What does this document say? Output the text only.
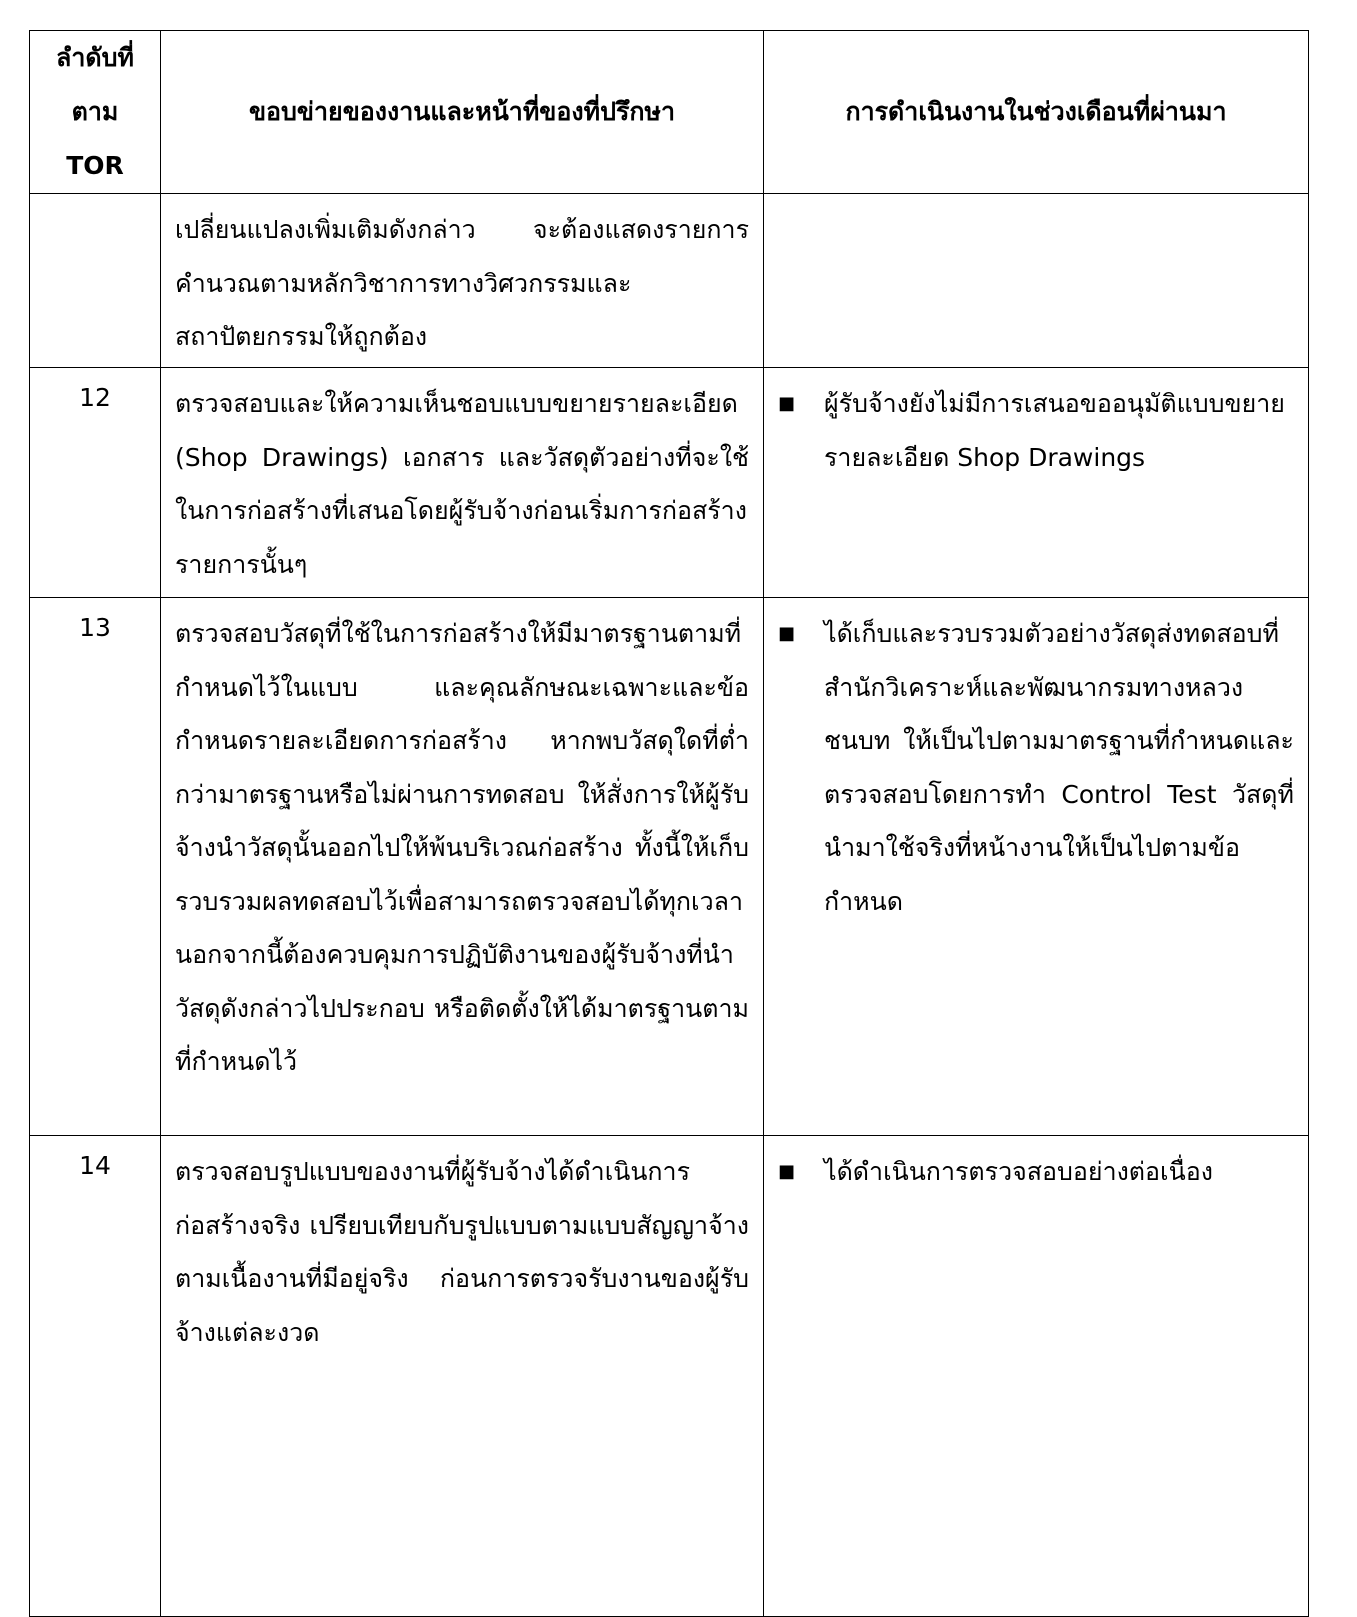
ลำดับที่
ตาม
TOR	ขอบข่ายของงานและหน้าที่ของที่ปรึกษา	การดำเนินงานในช่วงเดือนที่ผ่านมา
	เปลี่ยนแปลงเพิ่มเติมดังกล่าว จะต้องแสดงรายการคำนวณตามหลักวิชาการทางวิศวกรรมและสถาปัตยกรรมให้ถูกต้อง	
12	ตรวจสอบและให้ความเห็นชอบแบบขยายรายละเอียด (Shop Drawings) เอกสาร และวัสดุตัวอย่างที่จะใช้ในการก่อสร้างที่เสนอโดยผู้รับจ้างก่อนเริ่มการก่อสร้างรายการนั้นๆ	■ ผู้รับจ้างยังไม่มีการเสนอขออนุมัติแบบขยายรายละเอียด Shop Drawings

13	ตรวจสอบวัสดุที่ใช้ในการก่อสร้างให้มีมาตรฐานตามที่กำหนดไว้ในแบบ และคุณลักษณะเฉพาะและข้อกำหนดรายละเอียดการก่อสร้าง หากพบวัสดุใดที่ต่ำกว่ามาตรฐานหรือไม่ผ่านการทดสอบ ให้สั่งการให้ผู้รับจ้างนำวัสดุนั้นออกไปให้พ้นบริเวณก่อสร้าง ทั้งนี้ให้เก็บรวบรวมผลทดสอบไว้เพื่อสามารถตรวจสอบได้ทุกเวลา นอกจากนี้ต้องควบคุมการปฏิบัติงานของผู้รับจ้างที่นำวัสดุดังกล่าวไปประกอบ หรือติดตั้งให้ได้มาตรฐานตามที่กำหนดไว้	■ ได้เก็บและรวบรวมตัวอย่างวัสดุส่งทดสอบที่สำนักวิเคราะห์และพัฒนากรมทางหลวงชนบท ให้เป็นไปตามมาตรฐานที่กำหนดและตรวจสอบโดยการทำ Control Test วัสดุที่นำมาใช้จริงที่หน้างานให้เป็นไปตามข้อกำหนด

14	ตรวจสอบรูปแบบของงานที่ผู้รับจ้างได้ดำเนินการก่อสร้างจริง เปรียบเทียบกับรูปแบบตามแบบสัญญาจ้าง ตามเนื้องานที่มีอยู่จริง ก่อนการตรวจรับงานของผู้รับจ้างแต่ละงวด	■ ได้ดำเนินการตรวจสอบอย่างต่อเนื่อง
